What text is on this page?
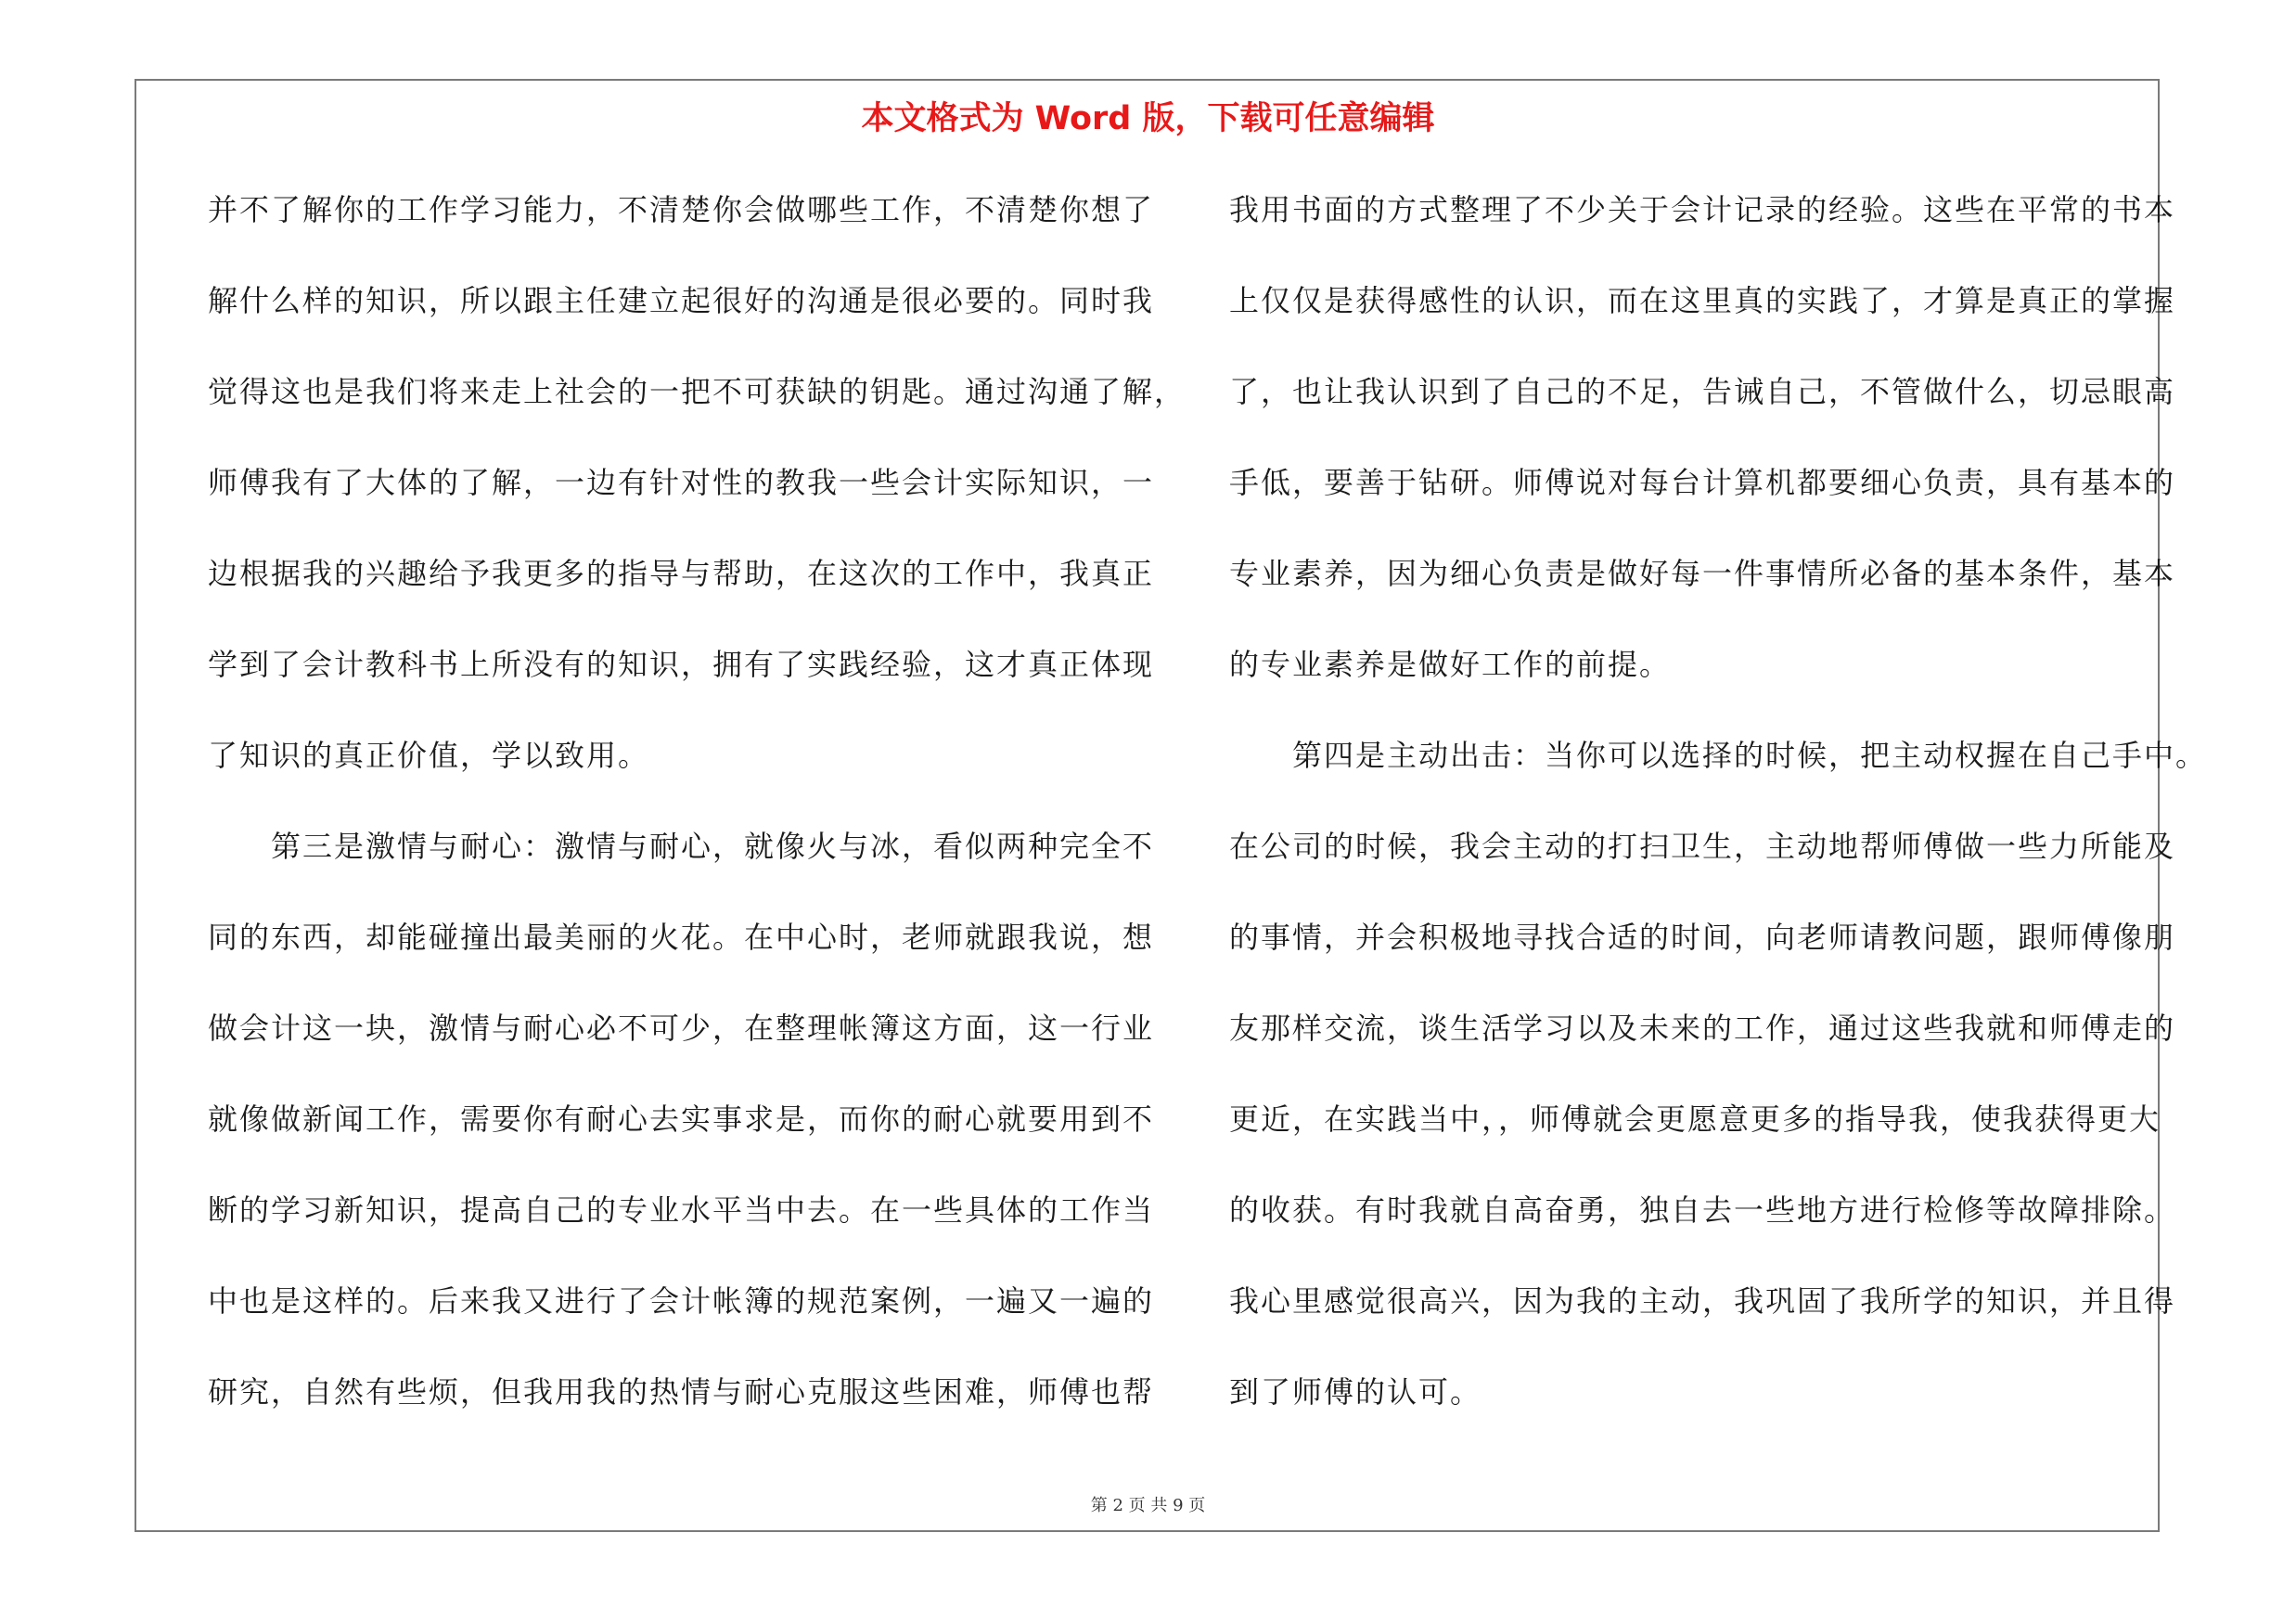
本文格式为 Word 版，下载可任意编辑
并不了解你的工作学习能力，不清楚你会做哪些工作，不清楚你想了
解什么样的知识，所以跟主任建立起很好的沟通是很必要的。同时我
觉得这也是我们将来走上社会的一把不可获缺的钥匙。通过沟通了解，
师傅我有了大体的了解，一边有针对性的教我一些会计实际知识，一
边根据我的兴趣给予我更多的指导与帮助，在这次的工作中，我真正
学到了会计教科书上所没有的知识，拥有了实践经验，这才真正体现
了知识的真正价值，学以致用。
　　第三是激情与耐心：激情与耐心，就像火与冰，看似两种完全不
同的东西，却能碰撞出最美丽的火花。在中心时，老师就跟我说，想
做会计这一块，激情与耐心必不可少，在整理帐簿这方面，这一行业
就像做新闻工作，需要你有耐心去实事求是，而你的耐心就要用到不
断的学习新知识，提高自己的专业水平当中去。在一些具体的工作当
中也是这样的。后来我又进行了会计帐簿的规范案例，一遍又一遍的
研究，自然有些烦，但我用我的热情与耐心克服这些困难，师傅也帮
我用书面的方式整理了不少关于会计记录的经验。这些在平常的书本
上仅仅是获得感性的认识，而在这里真的实践了，才算是真正的掌握
了，也让我认识到了自己的不足，告诫自己，不管做什么，切忌眼高
手低，要善于钻研。师傅说对每台计算机都要细心负责，具有基本的
专业素养，因为细心负责是做好每一件事情所必备的基本条件，基本
的专业素养是做好工作的前提。
　　第四是主动出击：当你可以选择的时候，把主动权握在自己手中。
在公司的时候，我会主动的打扫卫生，主动地帮师傅做一些力所能及
的事情，并会积极地寻找合适的时间，向老师请教问题，跟师傅像朋
友那样交流，谈生活学习以及未来的工作，通过这些我就和师傅走的
更近，在实践当中，，师傅就会更愿意更多的指导我，使我获得更大
的收获。有时我就自高奋勇，独自去一些地方进行检修等故障排除。
我心里感觉很高兴，因为我的主动，我巩固了我所学的知识，并且得
到了师傅的认可。
第 2 页 共 9 页
